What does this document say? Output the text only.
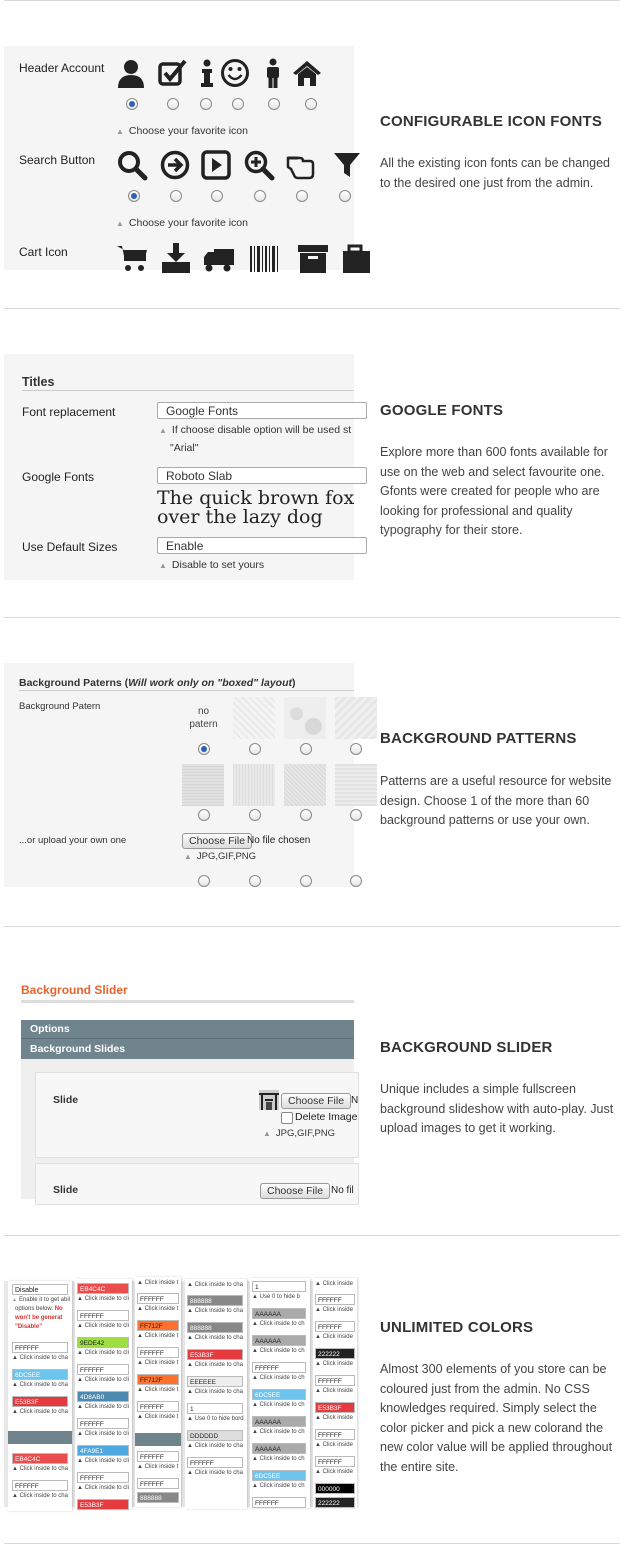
Header Account
▲ Choose your favorite icon
Search Button
▲ Choose your favorite icon
Cart Icon
CONFIGURABLE ICON FONTS
All the existing icon fonts can be changed to the desired one just from the admin.
Titles
Font replacement	Google Fonts
▲ If choose disable option will be used st
"Arial"
Google Fonts	Roboto Slab
The quick brown fox
over the lazy dog
Use Default Sizes	Enable
▲ Disable to set yours
GOOGLE FONTS
Explore more than 600 fonts available for use on the web and select favourite one. Gfonts were created for people who are looking for professional and quality typography for their store.
Background Paterns (Will work only on "boxed" layout)
Background Patern	no
patern
...or upload your own one	Choose File No file chosen
▲ JPG,GIF,PNG
BACKGROUND PATTERNS
Patterns are a useful resource for website design. Choose 1 of the more than 60 background patterns or use your own.
Background Slider
Options
Background Slides
Slide	Choose File N
Delete Image
▲ JPG,GIF,PNG
Slide	Choose File No fil
BACKGROUND SLIDER
Unique includes a simple fullscreen background slideshow with auto-play. Just upload images to get it working.
Disable
▲ Enable it to get abil
options below. No
won't be generat
"Disable"
FFFFFF
▲ Click inside to cha
6DC5EE
▲ Click inside to cha
E53B3F
▲ Click inside to cha
EB4C4C
▲ Click inside to cha
FFFFFF
▲ Click inside to cha
EB4C4C
▲ Click inside to cli
FFFFFF
▲ Click inside to cli
9EDE42
▲ Click inside to cli
FFFFFF
▲ Click inside to cli
4D8AB0
▲ Click inside to cli
FFFFFF
▲ Click inside to cli
4FA9E1
▲ Click inside to cli
FFFFFF
▲ Click inside to cli
E53B3F
▲ Click inside t
FFFFFF
▲ Click inside t
FF712F
▲ Click inside t
FFFFFF
▲ Click inside t
FF712F
▲ Click inside t
FFFFFF
▲ Click inside t
FFFFFF
▲ Click inside t
FFFFFF
888888
▲ Click inside to cha
888888
▲ Click inside to cha
888888
▲ Click inside to cha
E53B3F
▲ Click inside to cha
EEEEEE
▲ Click inside to cha
1
▲ Use 0 to hide bord
DDDDDD
▲ Click inside to cha
FFFFFF
▲ Click inside to cha
1
▲ Use 0 to hide b
AAAAAA
▲ Click inside to ch
AAAAAA
▲ Click inside to ch
FFFFFF
▲ Click inside to ch
6DC5EE
▲ Click inside to ch
AAAAAA
▲ Click inside to ch
AAAAAA
▲ Click inside to ch
6DC5EE
▲ Click inside to ch
FFFFFF
▲ Click inside
FFFFFF
▲ Click inside
FFFFFF
▲ Click inside
222222
▲ Click inside
FFFFFF
▲ Click inside
E53B3F
▲ Click inside
FFFFFF
▲ Click inside
FFFFFF
▲ Click inside
000000
222222
UNLIMITED COLORS
Almost 300 elements of you store can be coloured just from the admin. No CSS knowledges required. Simply select the color picker and pick a new colorand the new color value will be applied throughout the entire site.
